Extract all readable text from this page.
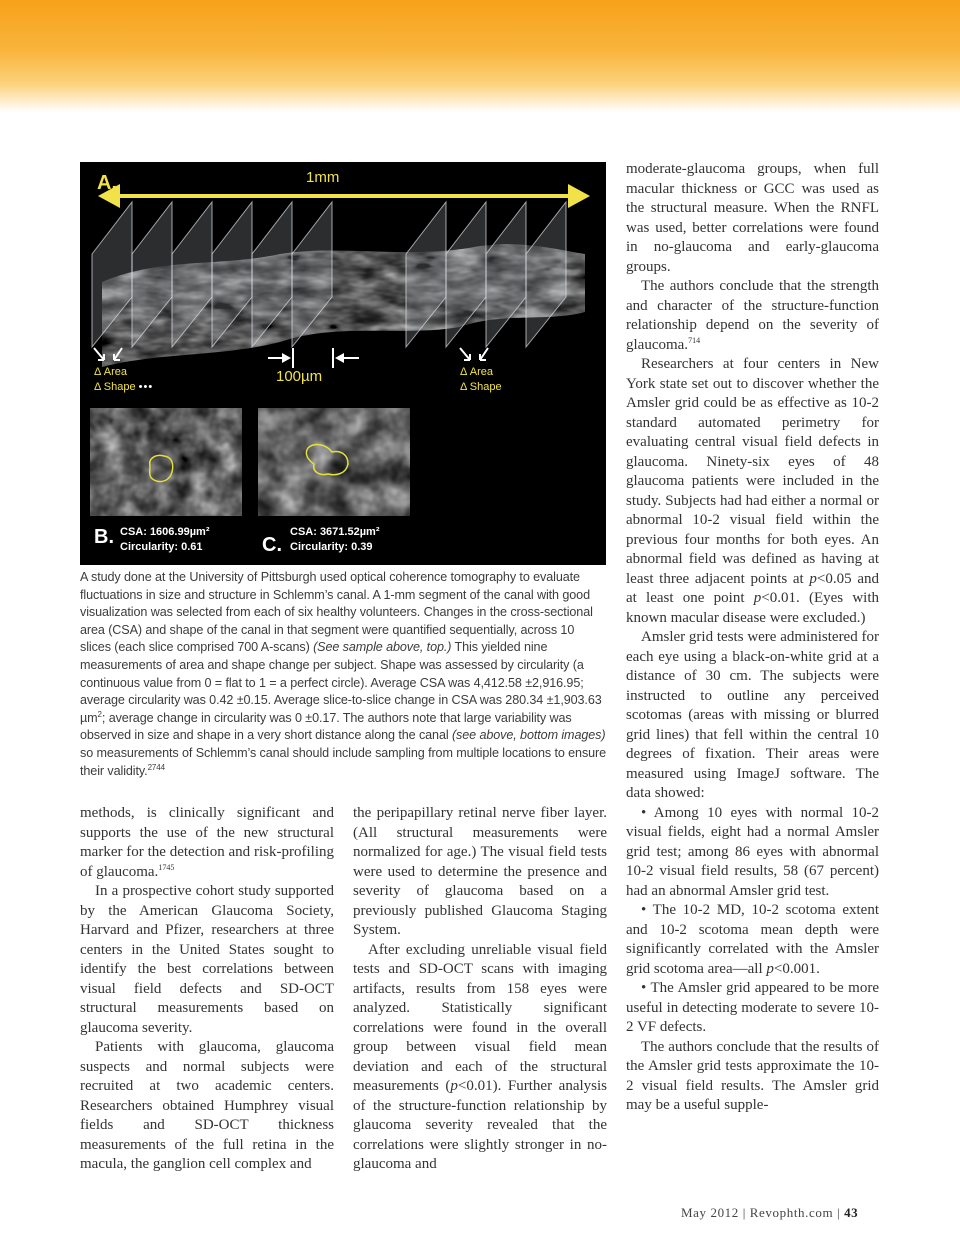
A.	1mm
Δ Area
Δ Shape •••
100µm	Δ Area
Δ Shape
B. CSA: 1606.99µm²
Circularity: 0.61	C.
CSA: 3671.52µm²
Circularity: 0.39
A study done at the University of Pittsburgh used optical coherence tomography to evaluate fluctuations in size and structure in Schlemm’s canal. A 1-mm segment of the canal with good visualization was selected from each of six healthy volunteers. Changes in the cross-sectional area (CSA) and shape of the canal in that segment were quantified sequentially, across 10 slices (each slice comprised 700 A-scans) (See sample above, top.) This yielded nine measurements of area and shape change per subject. Shape was assessed by circularity (a continuous value from 0 = flat to 1 = a perfect circle). Average CSA was 4,412.58 ±2,916.95; average circularity was 0.42 ±0.15. Average slice-to-slice change in CSA was 280.34 ±1,903.63 µm$^2$; average change in circularity was 0 ±0.17. The authors note that large variability was observed in size and shape in a very short distance along the canal (see above, bottom images) so measurements of Schlemm’s canal should include sampling from multiple locations to ensure their validity.$^{2744}$

methods, is clinically significant and supports the use of the new structural marker for the detection and risk-profiling of glaucoma.$^{1745}$

In a prospective cohort study supported by the American Glaucoma Society, Harvard and Pfizer, researchers at three centers in the United States sought to identify the best correlations between visual field defects and SD-OCT structural measurements based on glaucoma severity.

Patients with glaucoma, glaucoma suspects and normal subjects were recruited at two academic centers. Researchers obtained Humphrey visual fields and SD-OCT thickness measurements of the full retina in the macula, the ganglion cell complex and

the peripapillary retinal nerve fiber layer. (All structural measurements were normalized for age.) The visual field tests were used to determine the presence and severity of glaucoma based on a previously published Glaucoma Staging System.

After excluding unreliable visual field tests and SD-OCT scans with imaging artifacts, results from 158 eyes were analyzed. Statistically significant correlations were found in the overall group between visual field mean deviation and each of the structural measurements (p<0.01). Further analysis of the structure-function relationship by glaucoma severity revealed that the correlations were slightly stronger in no-glaucoma and

moderate-glaucoma groups, when full macular thickness or GCC was used as the structural measure. When the RNFL was used, better correlations were found in no-glaucoma and early-glaucoma groups.

The authors conclude that the strength and character of the structure-function relationship depend on the severity of glaucoma.$^{714}$

Researchers at four centers in New York state set out to discover whether the Amsler grid could be as effective as 10-2 standard automated perimetry for evaluating central visual field defects in glaucoma. Ninety-six eyes of 48 glaucoma patients were included in the study. Subjects had had either a normal or abnormal 10-2 visual field within the previous four months for both eyes. An abnormal field was defined as having at least three adjacent points at p<0.05 and at least one point p<0.01. (Eyes with known macular disease were excluded.)

Amsler grid tests were administered for each eye using a black-on-white grid at a distance of 30 cm. The subjects were instructed to outline any perceived scotomas (areas with missing or blurred grid lines) that fell within the central 10 degrees of fixation. Their areas were measured using ImageJ software. The data showed:

• Among 10 eyes with normal 10-2 visual fields, eight had a normal Amsler grid test; among 86 eyes with abnormal 10-2 visual field results, 58 (67 percent) had an abnormal Amsler grid test.

• The 10-2 MD, 10-2 scotoma extent and 10-2 scotoma mean depth were significantly correlated with the Amsler grid scotoma area—all p<0.001.

• The Amsler grid appeared to be more useful in detecting moderate to severe 10-2 VF defects.

The authors conclude that the results of the Amsler grid tests approximate the 10-2 visual field results. The Amsler grid may be a useful supple-

May 2012 | Revophth.com | 43
